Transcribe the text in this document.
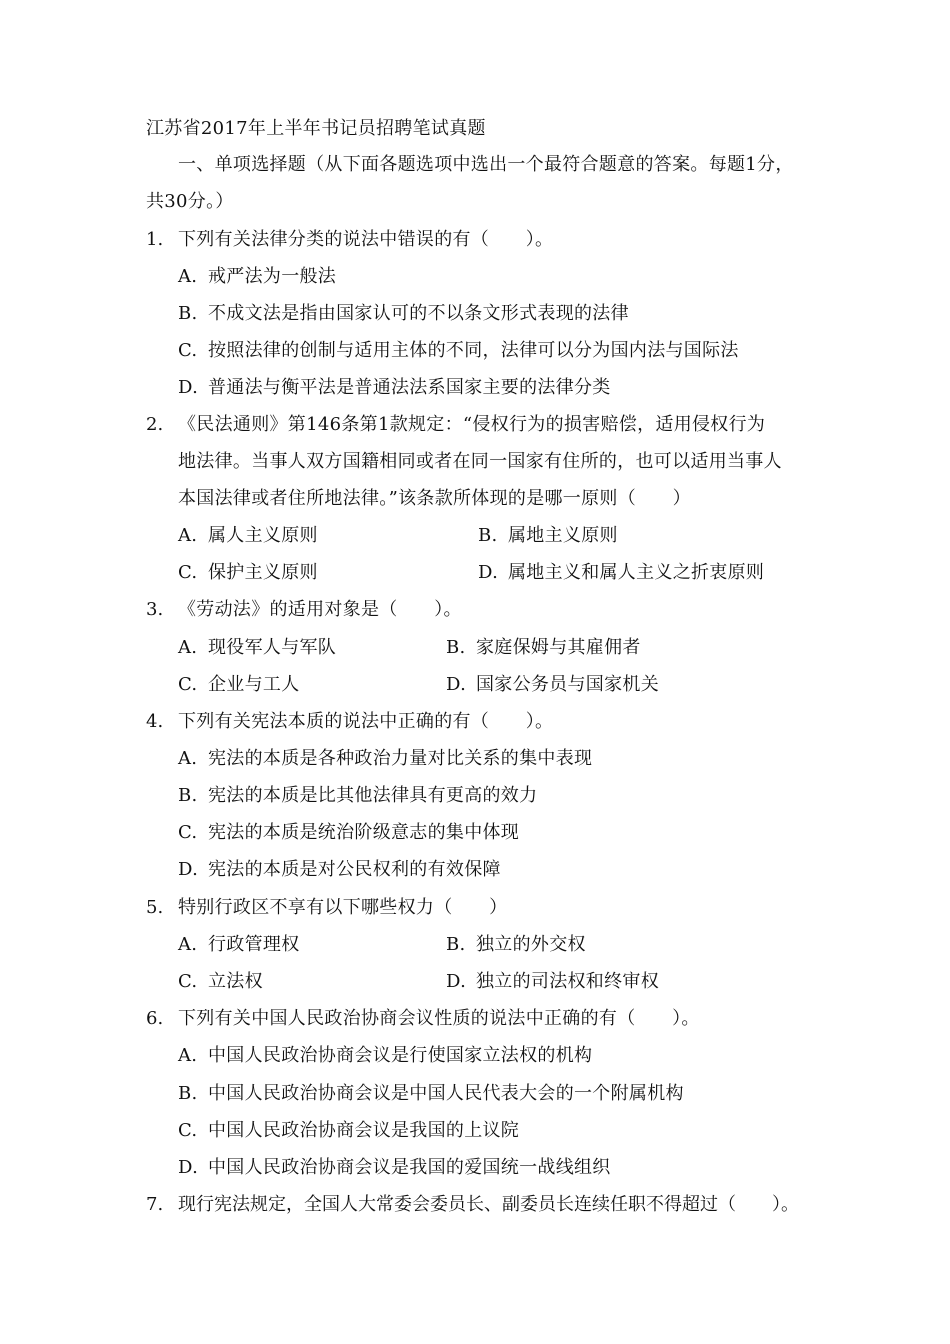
江苏省2017年上半年书记员招聘笔试真题
一、单项选择题（从下面各题选项中选出一个最符合题意的答案。每题1分，
共30分。）
1. 下列有关法律分类的说法中错误的有（　　）。
A. 戒严法为一般法
B. 不成文法是指由国家认可的不以条文形式表现的法律
C. 按照法律的创制与适用主体的不同，法律可以分为国内法与国际法
D. 普通法与衡平法是普通法法系国家主要的法律分类
2. 《民法通则》第146条第1款规定：“侵权行为的损害赔偿，适用侵权行为
地法律。当事人双方国籍相同或者在同一国家有住所的，也可以适用当事人
本国法律或者住所地法律。”该条款所体现的是哪一原则（　　）
A. 属人主义原则	B. 属地主义原则
C. 保护主义原则	D. 属地主义和属人主义之折衷原则
3. 《劳动法》的适用对象是（　　）。
A. 现役军人与军队	B. 家庭保姆与其雇佣者
C. 企业与工人	D. 国家公务员与国家机关
4. 下列有关宪法本质的说法中正确的有（　　）。
A. 宪法的本质是各种政治力量对比关系的集中表现
B. 宪法的本质是比其他法律具有更高的效力
C. 宪法的本质是统治阶级意志的集中体现
D. 宪法的本质是对公民权利的有效保障
5. 特别行政区不享有以下哪些权力（　　）
A. 行政管理权	B. 独立的外交权
C. 立法权	D. 独立的司法权和终审权
6. 下列有关中国人民政治协商会议性质的说法中正确的有（　　）。
A. 中国人民政治协商会议是行使国家立法权的机构
B. 中国人民政治协商会议是中国人民代表大会的一个附属机构
C. 中国人民政治协商会议是我国的上议院
D. 中国人民政治协商会议是我国的爱国统一战线组织
7. 现行宪法规定，全国人大常委会委员长、副委员长连续任职不得超过（　　）。
